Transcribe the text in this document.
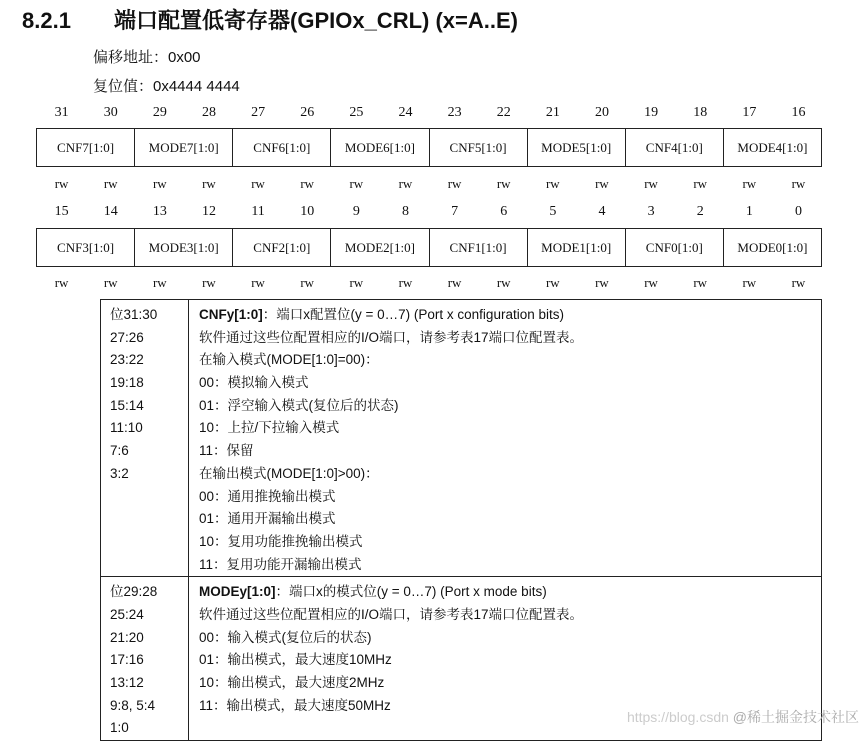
8.2.1 端口配置低寄存器(GPIOx_CRL) (x=A..E)
偏移地址：0x00
复位值：0x4444 4444
31	30	29	28	27	26	25	24	23	22	21	20	19	18	17	16
CNF7[1:0]	MODE7[1:0]	CNF6[1:0]	MODE6[1:0]	CNF5[1:0]	MODE5[1:0]	CNF4[1:0]	MODE4[1:0]
rw	rw	rw	rw	rw	rw	rw	rw	rw	rw	rw	rw	rw	rw	rw	rw
15	14	13	12	11	10	9	8	7	6	5	4	3	2	1	0
CNF3[1:0]	MODE3[1:0]	CNF2[1:0]	MODE2[1:0]	CNF1[1:0]	MODE1[1:0]	CNF0[1:0]	MODE0[1:0]
rw	rw	rw	rw	rw	rw	rw	rw	rw	rw	rw	rw	rw	rw	rw	rw
位31:30
27:26
23:22
19:18
15:14
11:10
7:6
3:2
CNFy[1:0]：端口x配置位(y = 0…7) (Port x configuration bits)
软件通过这些位配置相应的I/O端口，请参考表17端口位配置表。
在输入模式(MODE[1:0]=00)：
00：模拟输入模式
01：浮空输入模式(复位后的状态)
10：上拉/下拉输入模式
11：保留
在输出模式(MODE[1:0]>00)：
00：通用推挽输出模式
01：通用开漏输出模式
10：复用功能推挽输出模式
11：复用功能开漏输出模式
位29:28
25:24
21:20
17:16
13:12
9:8, 5:4
1:0
MODEy[1:0]：端口x的模式位(y = 0…7) (Port x mode bits)
软件通过这些位配置相应的I/O端口，请参考表17端口位配置表。
00：输入模式(复位后的状态)
01：输出模式，最大速度10MHz
10：输出模式，最大速度2MHz
11：输出模式，最大速度50MHz
https://blog.csdn @稀土掘金技术社区
